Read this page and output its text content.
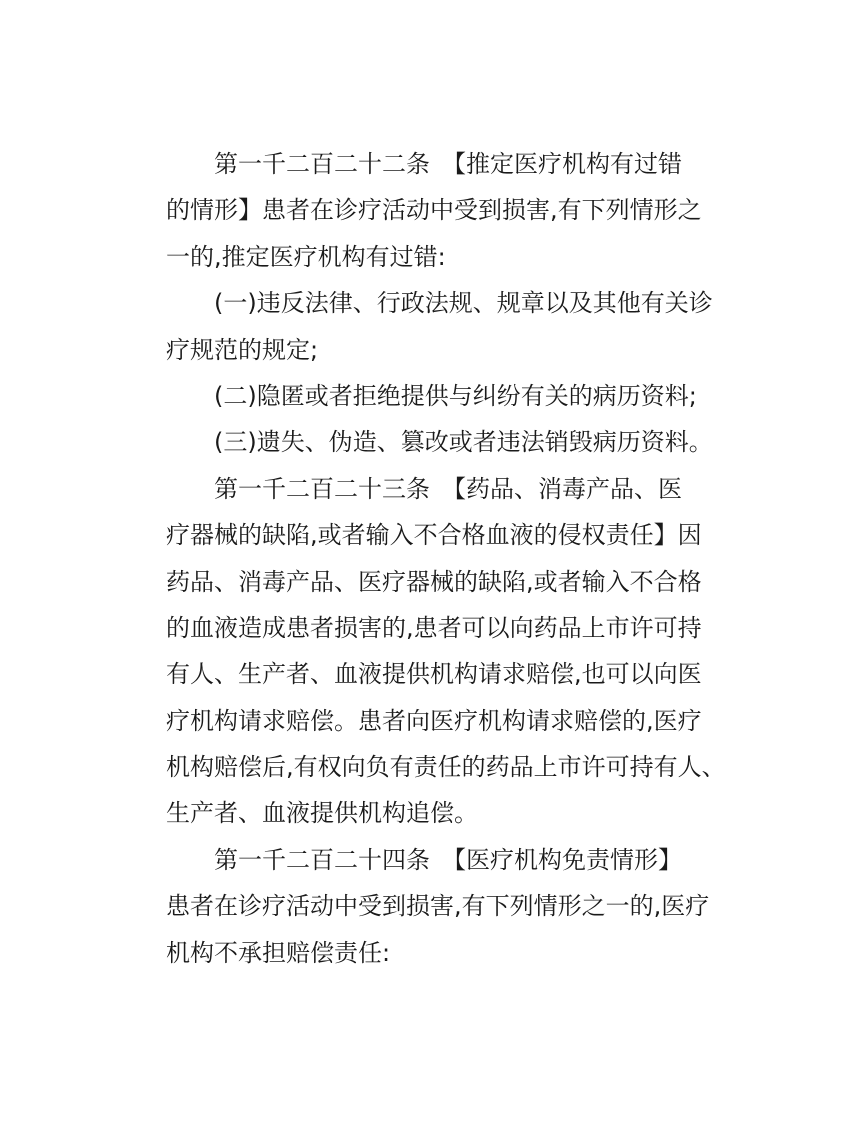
第一千二百二十二条　【推定医疗机构有过错
的情形】患者在诊疗活动中受到损害,有下列情形之
一的,推定医疗机构有过错:
(一)违反法律、行政法规、规章以及其他有关诊
疗规范的规定;
(二)隐匿或者拒绝提供与纠纷有关的病历资料;
(三)遗失、伪造、篡改或者违法销毁病历资料。
第一千二百二十三条　【药品、消毒产品、医
疗器械的缺陷,或者输入不合格血液的侵权责任】因
药品、消毒产品、医疗器械的缺陷,或者输入不合格
的血液造成患者损害的,患者可以向药品上市许可持
有人、生产者、血液提供机构请求赔偿,也可以向医
疗机构请求赔偿。患者向医疗机构请求赔偿的,医疗
机构赔偿后,有权向负有责任的药品上市许可持有人、
生产者、血液提供机构追偿。
第一千二百二十四条　【医疗机构免责情形】
患者在诊疗活动中受到损害,有下列情形之一的,医疗
机构不承担赔偿责任:
